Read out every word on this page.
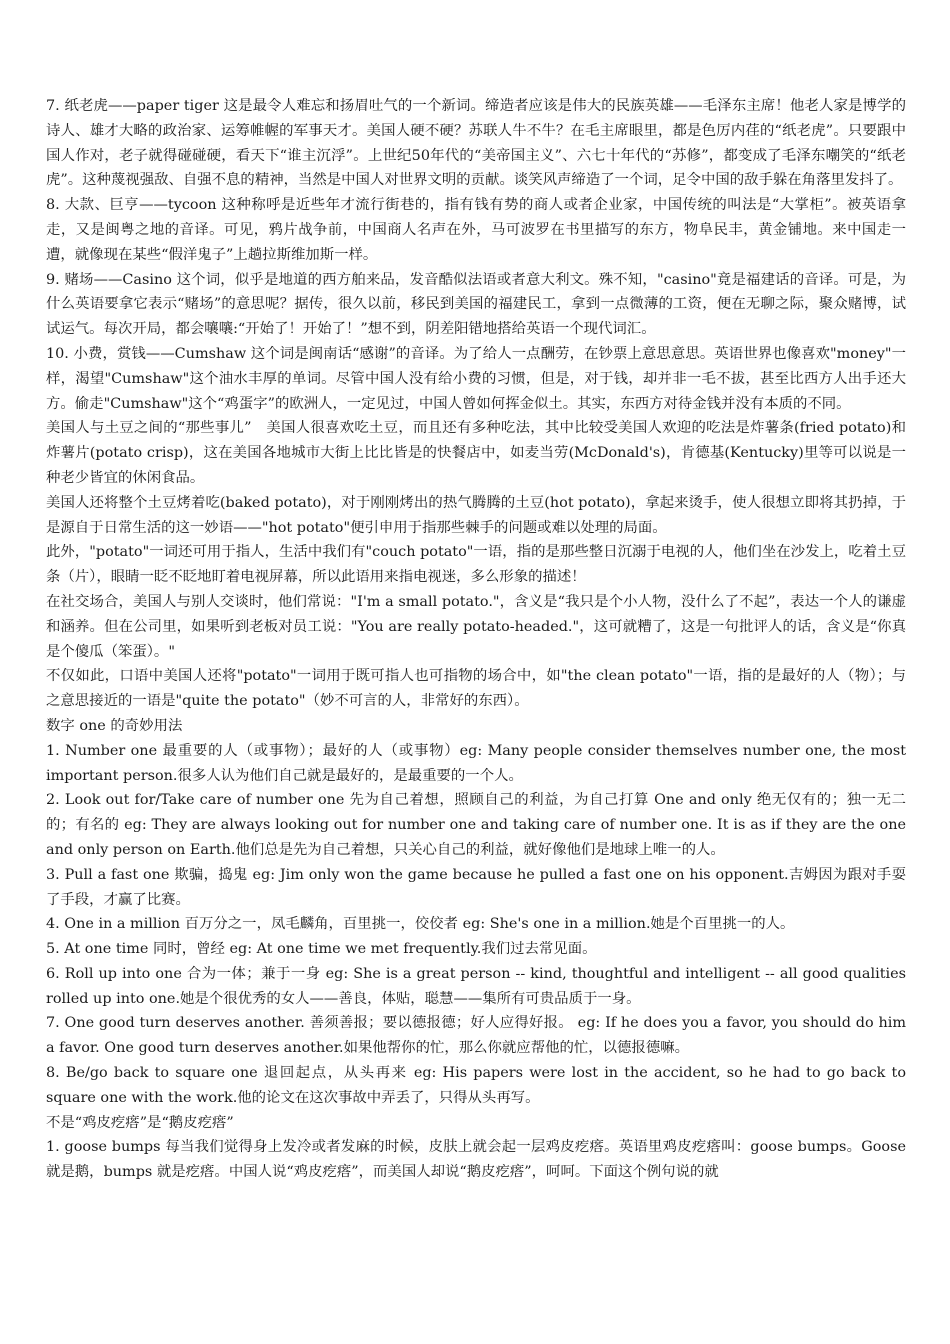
7. 纸老虎——paper tiger 这是最令人难忘和扬眉吐气的一个新词。缔造者应该是伟大的民族英雄——毛泽东主席！他老人家是博学的诗人、雄才大略的政治家、运筹帷幄的军事天才。美国人硬不硬？苏联人牛不牛？在毛主席眼里，都是色厉内荏的“纸老虎”。只要跟中国人作对，老子就得碰碰硬，看天下“谁主沉浮”。上世纪50年代的“美帝国主义”、六七十年代的“苏修”，都变成了毛泽东嘲笑的“纸老虎”。这种蔑视强敌、自强不息的精神，当然是中国人对世界文明的贡献。谈笑风声缔造了一个词，足令中国的敌手躲在角落里发抖了。

8. 大款、巨亨——tycoon 这种称呼是近些年才流行街巷的，指有钱有势的商人或者企业家，中国传统的叫法是“大掌柜”。被英语拿走，又是闽粤之地的音译。可见，鸦片战争前，中国商人名声在外，马可波罗在书里描写的东方，物阜民丰，黄金铺地。来中国走一遭，就像现在某些“假洋鬼子”上趟拉斯维加斯一样。

9. 赌场——Casino 这个词，似乎是地道的西方舶来品，发音酷似法语或者意大利文。殊不知，"casino"竟是福建话的音译。可是，为什么英语要拿它表示“赌场”的意思呢？据传，很久以前，移民到美国的福建民工，拿到一点微薄的工资，便在无聊之际，聚众赌博，试试运气。每次开局，都会嚷嚷:“开始了！开始了！”想不到，阴差阳错地搭给英语一个现代词汇。

10. 小费，赏钱——Cumshaw 这个词是闽南话“感谢”的音译。为了给人一点酬劳，在钞票上意思意思。英语世界也像喜欢"money"一样，渴望"Cumshaw"这个油水丰厚的单词。尽管中国人没有给小费的习惯，但是，对于钱，却并非一毛不拔，甚至比西方人出手还大方。偷走"Cumshaw"这个“鸡蛋字”的欧洲人，一定见过，中国人曾如何挥金似土。其实，东西方对待金钱并没有本质的不同。

美国人与土豆之间的“那些事儿”　美国人很喜欢吃土豆，而且还有多种吃法，其中比较受美国人欢迎的吃法是炸薯条(fried potato)和炸薯片(potato crisp)，这在美国各地城市大街上比比皆是的快餐店中，如麦当劳(McDonald's)，肯德基(Kentucky)里等可以说是一种老少皆宜的休闲食品。

美国人还将整个土豆烤着吃(baked potato)，对于刚刚烤出的热气腾腾的土豆(hot potato)，拿起来烫手，使人很想立即将其扔掉，于是源自于日常生活的这一妙语——"hot potato"便引申用于指那些棘手的问题或难以处理的局面。

此外，"potato"一词还可用于指人，生活中我们有"couch potato"一语，指的是那些整日沉溺于电视的人，他们坐在沙发上，吃着土豆条（片），眼睛一眨不眨地盯着电视屏幕，所以此语用来指电视迷，多么形象的描述！

在社交场合，美国人与别人交谈时，他们常说："I'm a small potato."，含义是“我只是个小人物，没什么了不起”，表达一个人的谦虚和涵养。但在公司里，如果听到老板对员工说："You are really potato-headed."，这可就糟了，这是一句批评人的话，含义是“你真是个傻瓜（笨蛋）。"

不仅如此，口语中美国人还将"potato"一词用于既可指人也可指物的场合中，如"the clean potato"一语，指的是最好的人（物）；与之意思接近的一语是"quite the potato"（妙不可言的人，非常好的东西）。

数字 one 的奇妙用法

1. Number one 最重要的人（或事物）；最好的人（或事物）eg: Many people consider themselves number one, the most important person.很多人认为他们自己就是最好的，是最重要的一个人。

2. Look out for/Take care of number one 先为自己着想，照顾自己的利益，为自己打算 One and only 绝无仅有的；独一无二的；有名的 eg: They are always looking out for number one and taking care of number one. It is as if they are the one and only person on Earth.他们总是先为自己着想，只关心自己的利益，就好像他们是地球上唯一的人。

3. Pull a fast one 欺骗，捣鬼 eg: Jim only won the game because he pulled a fast one on his opponent.吉姆因为跟对手耍了手段，才赢了比赛。

4. One in a million 百万分之一，凤毛麟角，百里挑一，佼佼者 eg: She's one in a million.她是个百里挑一的人。

5. At one time 同时，曾经 eg: At one time we met frequently.我们过去常见面。

6. Roll up into one 合为一体；兼于一身 eg: She is a great person -- kind, thoughtful and intelligent -- all good qualities rolled up into one.她是个很优秀的女人——善良，体贴，聪慧——集所有可贵品质于一身。

7. One good turn deserves another. 善须善报；要以德报德；好人应得好报。 eg: If he does you a favor, you should do him a favor. One good turn deserves another.如果他帮你的忙，那么你就应帮他的忙，以德报德嘛。

8. Be/go back to square one 退回起点，从头再来 eg: His papers were lost in the accident, so he had to go back to square one with the work.他的论文在这次事故中弄丢了，只得从头再写。

不是“鸡皮疙瘩”是“鹅皮疙瘩”

1. goose bumps 每当我们觉得身上发冷或者发麻的时候，皮肤上就会起一层鸡皮疙瘩。英语里鸡皮疙瘩叫：goose bumps。Goose 就是鹅，bumps 就是疙瘩。中国人说“鸡皮疙瘩”，而美国人却说“鹅皮疙瘩”，呵呵。下面这个例句说的就
